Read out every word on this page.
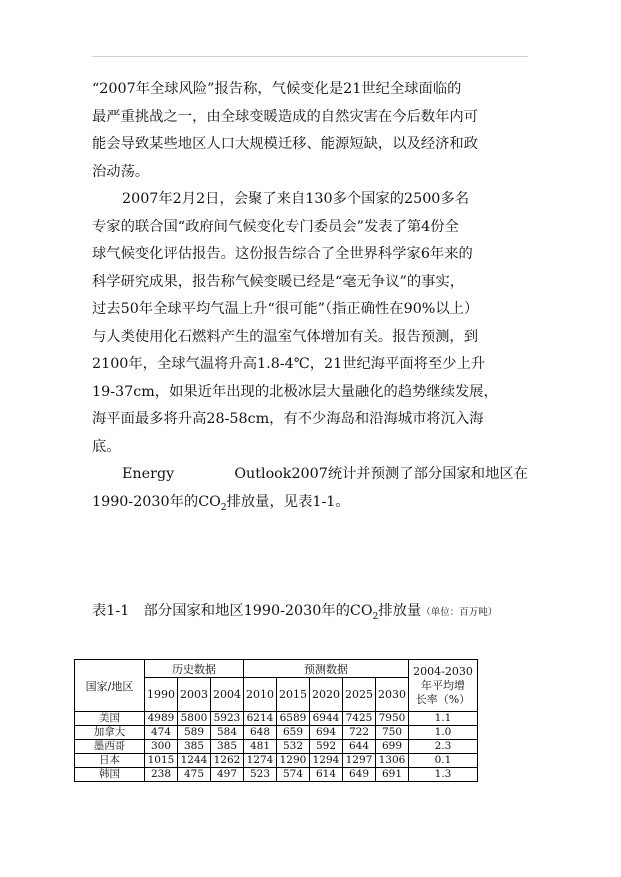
“2007年全球风险”报告称，气候变化是21世纪全球面临的
最严重挑战之一，由全球变暖造成的自然灾害在今后数年内可
能会导致某些地区人口大规模迁移、能源短缺，以及经济和政
治动荡。
2007年2月2日，会聚了来自130多个国家的2500多名
专家的联合国“政府间气候变化专门委员会”发表了第4份全
球气候变化评估报告。这份报告综合了全世界科学家6年来的
科学研究成果，报告称气候变暖已经是“毫无争议”的事实，
过去50年全球平均气温上升“很可能”（指正确性在90%以上）
与人类使用化石燃料产生的温室气体增加有关。报告预测，到
2100年，全球气温将升高1.8-4℃，21世纪海平面将至少上升
19-37cm，如果近年出现的北极冰层大量融化的趋势继续发展，
海平面最多将升高28-58cm，有不少海岛和沿海城市将沉入海
底。
Energy	Outlook2007统计并预测了部分国家和地区在
1990-2030年的$CO_2$排放量，见表1-1。
表1-1　部分国家和地区1990-2030年的$CO_2$排放量（单位：百万吨）
国家/地区	历史数据			预测数据					2004-2030
年平均增
长率（%）

	1990	2003	2004	2010	2015	2020	2025	2030	
美国	4989	5800	5923	6214	6589	6944	7425	7950	1.1
加拿大	474	589	584	648	659	694	722	750	1.0
墨西哥	300	385	385	481	532	592	644	699	2.3
日本	1015	1244	1262	1274	1290	1294	1297	1306	0.1
韩国	238	475	497	523	574	614	649	691	1.3
